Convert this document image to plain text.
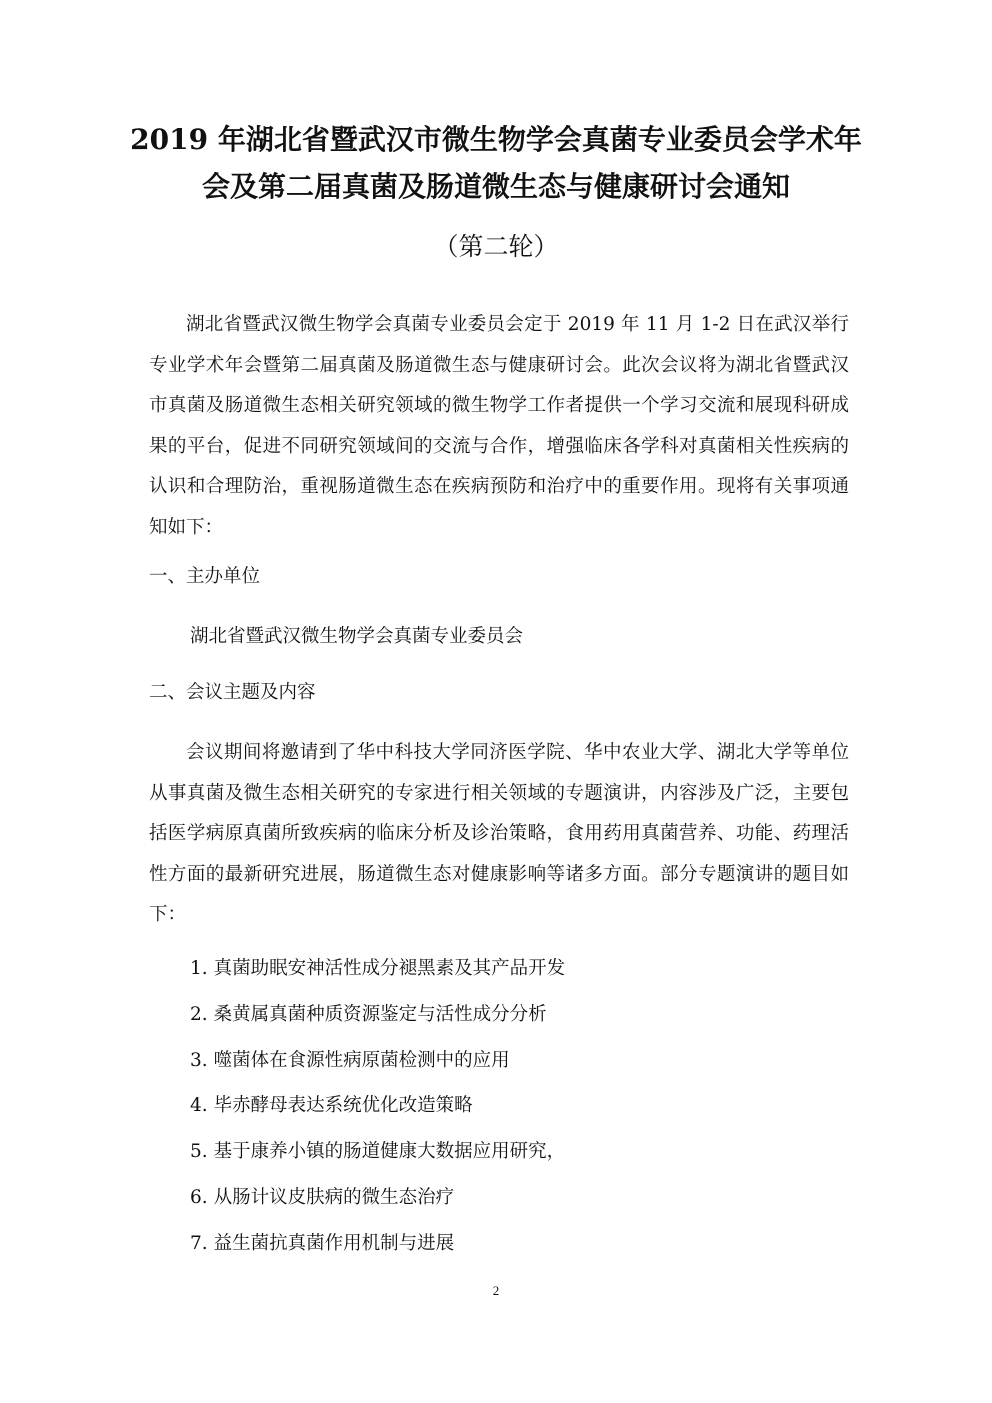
2019 年湖北省暨武汉市微生物学会真菌专业委员会学术年
会及第二届真菌及肠道微生态与健康研讨会通知
（第二轮）

湖北省暨武汉微生物学会真菌专业委员会定于 2019 年 11 月 1-2 日在武汉举行专业学术年会暨第二届真菌及肠道微生态与健康研讨会。此次会议将为湖北省暨武汉市真菌及肠道微生态相关研究领域的微生物学工作者提供一个学习交流和展现科研成果的平台，促进不同研究领域间的交流与合作，增强临床各学科对真菌相关性疾病的认识和合理防治，重视肠道微生态在疾病预防和治疗中的重要作用。现将有关事项通知如下：

一、主办单位
湖北省暨武汉微生物学会真菌专业委员会
二、会议主题及内容

会议期间将邀请到了华中科技大学同济医学院、华中农业大学、湖北大学等单位从事真菌及微生态相关研究的专家进行相关领域的专题演讲，内容涉及广泛，主要包括医学病原真菌所致疾病的临床分析及诊治策略，食用药用真菌营养、功能、药理活性方面的最新研究进展，肠道微生态对健康影响等诸多方面。部分专题演讲的题目如下：

1. 真菌助眠安神活性成分褪黑素及其产品开发
2. 桑黄属真菌种质资源鉴定与活性成分分析
3. 噬菌体在食源性病原菌检测中的应用
4. 毕赤酵母表达系统优化改造策略
5. 基于康养小镇的肠道健康大数据应用研究，
6. 从肠计议皮肤病的微生态治疗
7. 益生菌抗真菌作用机制与进展
2
